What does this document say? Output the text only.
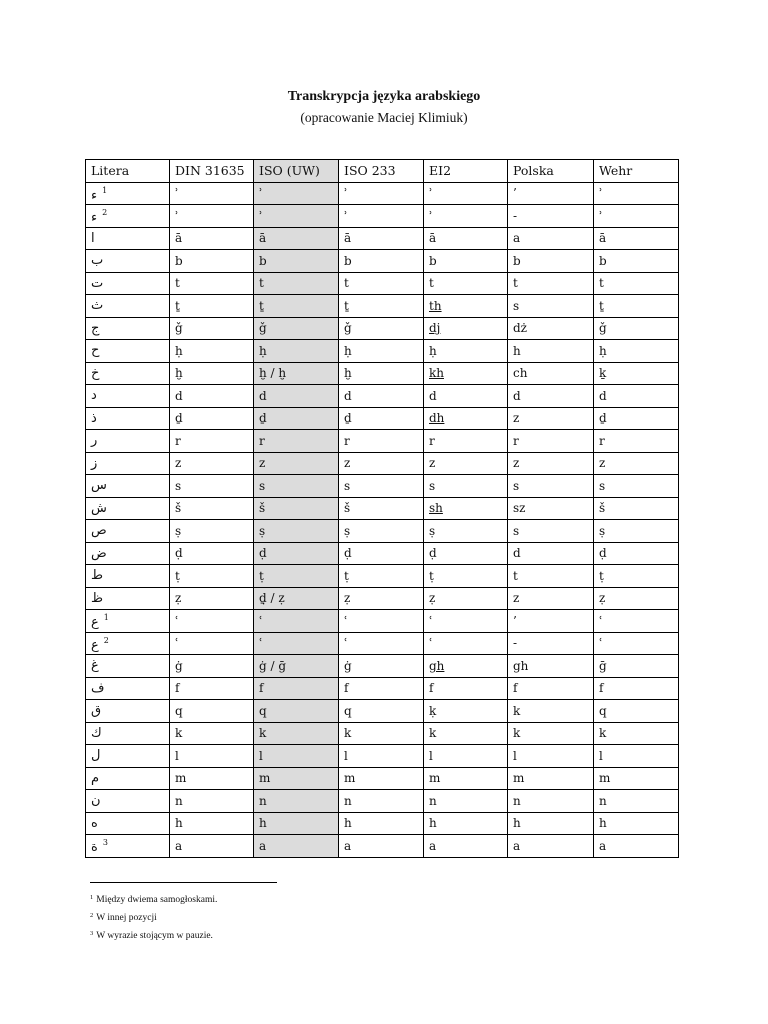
Transkrypcja języka arabskiego
(opracowanie Maciej Klimiuk)
Litera	DIN 31635	ISO (UW)	ISO 233	EI2	Polska	Wehr
ء $^1$	ʾ	ʾ	ʾ	ʾ	’	ʾ
ء $^2$	ʾ	ʾ	ʾ	ʾ	-	ʾ
ا	ā	ā	ā	ā	a	ā
ب	b	b	b	b	b	b
ت	t	t	t	t	t	t
ث	ṯ	ṯ	ṯ	th	s	ṯ
ج	ǧ	ǧ	ǧ	dj	dż	ǧ
ح	ḥ	ḥ	ḥ	ḥ	h	ḥ
خ	ḫ	ḫ / ḫ	ḫ	kh	ch	ḵ
د	d	d	d	d	d	d
ذ	ḏ	ḏ	ḏ	dh	z	ḏ
ر	r	r	r	r	r	r
ز	z	z	z	z	z	z
س	s	s	s	s	s	s
ش	š	š	š	sh	sz	š
ص	ṣ	ṣ	ṣ	ṣ	s	ṣ
ض	ḍ	ḍ	ḍ	ḍ	d	ḍ
ط	ṭ	ṭ	ṭ	ṭ	t	ṭ
ظ	ẓ	ḏ̣ / ẓ	ẓ	ẓ	z	ẓ
ع $^1$	ʿ	ʿ	ʿ	ʿ	’	ʿ
ع $^2$	ʿ	ʿ	ʿ	ʿ	-	ʿ
غ	ġ	ġ / ḡ	ġ	gh	gh	ḡ
ف	f	f	f	f	f	f
ق	q	q	q	ḳ	k	q
ك	k	k	k	k	k	k
ل	l	l	l	l	l	l
م	m	m	m	m	m	m
ن	n	n	n	n	n	n
ه	h	h	h	h	h	h
ة $^3$	a	a	a	a	a	a
$^1$ Między dwiema samogłoskami.
$^2$ W innej pozycji
$^3$ W wyrazie stojącym w pauzie.
